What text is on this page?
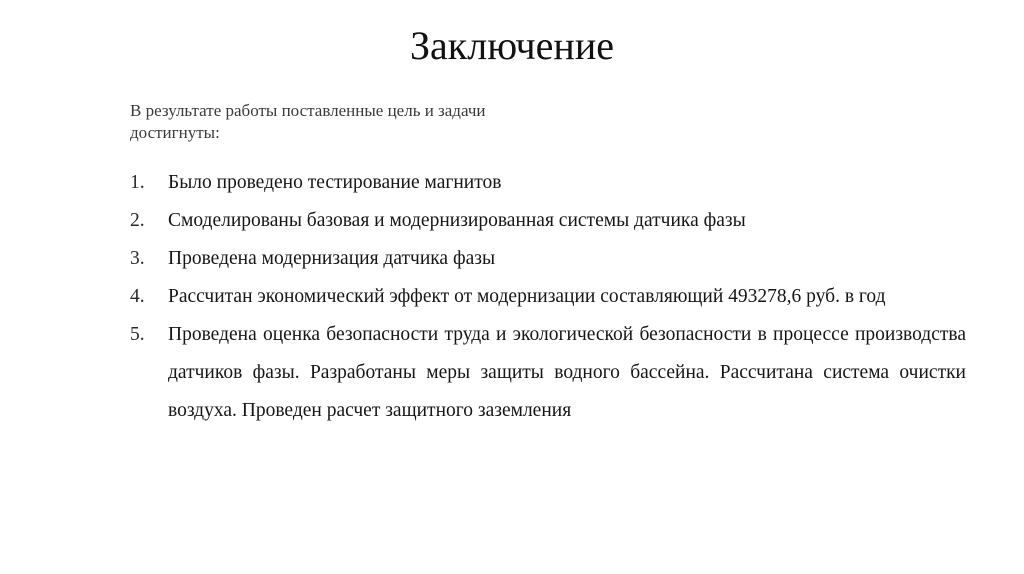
Заключение

В результате работы поставленные цель и задачи достигнуты:

1.	Было проведено тестирование магнитов
2.	Смоделированы базовая и модернизированная системы датчика фазы
3.	Проведена модернизация датчика фазы
4.	Рассчитан экономический эффект от модернизации составляющий 493278,6 руб. в год
5.	Проведена оценка безопасности труда и экологической безопасности в процессе производства датчиков фазы. Разработаны меры защиты водного бассейна. Рассчитана система очистки воздуха. Проведен расчет защитного заземления
